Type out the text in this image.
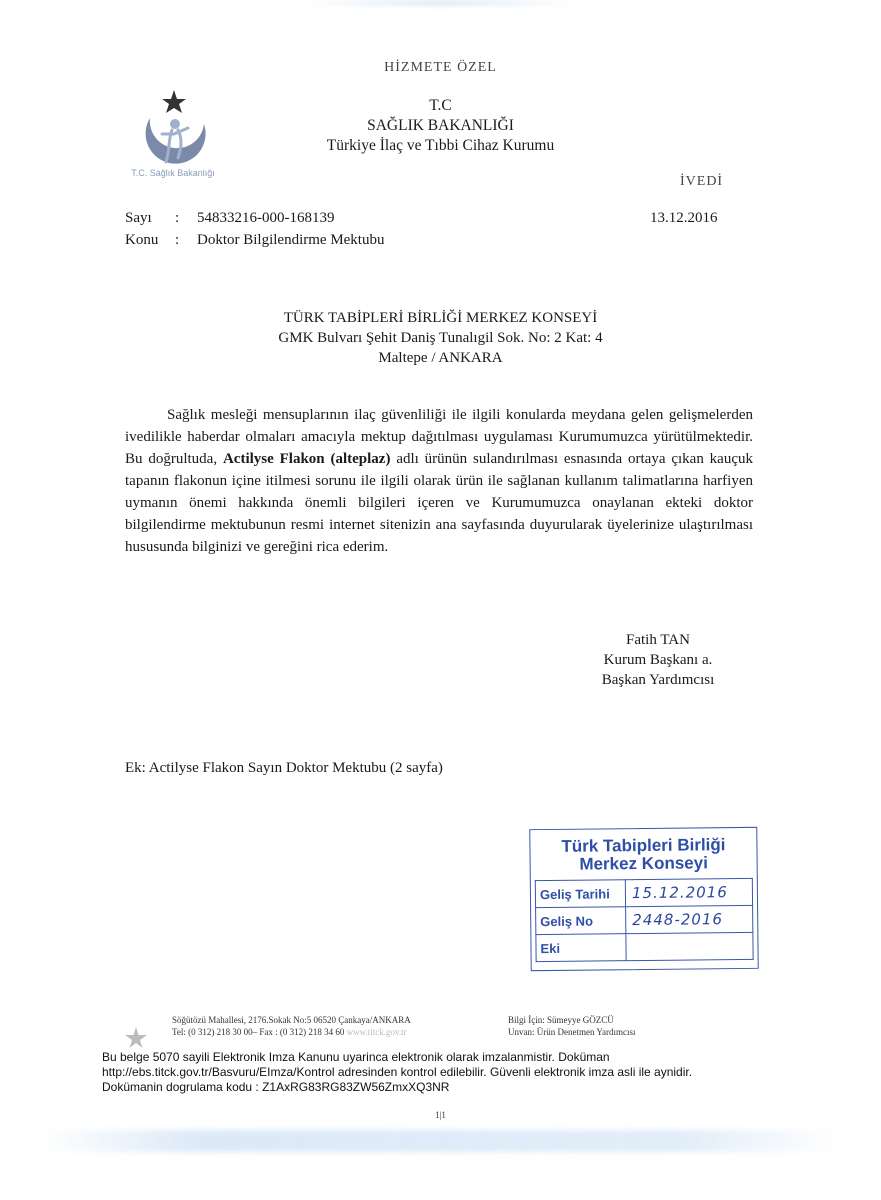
HİZMETE ÖZEL
T.C. Sağlık Bakanlığı
T.C
SAĞLIK BAKANLIĞI
Türkiye İlaç ve Tıbbi Cihaz Kurumu
İVEDİ
Sayı : 54833216-000-168139
Konu : Doktor Bilgilendirme Mektubu
13.12.2016
TÜRK TABİPLERİ BİRLİĞİ MERKEZ KONSEYİ
GMK Bulvarı Şehit Daniş Tunalıgil Sok. No: 2 Kat: 4
Maltepe / ANKARA
Sağlık mesleği mensuplarının ilaç güvenliliği ile ilgili konularda meydana gelen gelişmelerden ivedilikle haberdar olmaları amacıyla mektup dağıtılması uygulaması Kurumumuzca yürütülmektedir. Bu doğrultuda, Actilyse Flakon (alteplaz) adlı ürünün sulandırılması esnasında ortaya çıkan kauçuk tapanın flakonun içine itilmesi sorunu ile ilgili olarak ürün ile sağlanan kullanım talimatlarına harfiyen uymanın önemi hakkında önemli bilgileri içeren ve Kurumumuzca onaylanan ekteki doktor bilgilendirme mektubunun resmi internet sitenizin ana sayfasında duyurularak üyelerinize ulaştırılması hususunda bilginizi ve gereğini rica ederim.
Fatih TAN
Kurum Başkanı a.
Başkan Yardımcısı
Ek: Actilyse Flakon Sayın Doktor Mektubu (2 sayfa)
Türk Tabipleri Birliği
Merkez Konseyi
Geliş Tarihi	15.12.2016
Geliş No	2448-2016
Eki	
Söğütözü Mahallesi, 2176.Sokak No:5 06520 Çankaya/ANKARA
Tel: (0 312) 218 30 00– Fax : (0 312) 218 34 60 www.titck.gov.tr
Bilgi İçin: Sümeyye GÖZCÜ
Unvan: Ürün Denetmen Yardımcısı
Bu belge 5070 sayili Elektronik Imza Kanunu uyarinca elektronik olarak imzalanmistir. Doküman
http://ebs.titck.gov.tr/Basvuru/EImza/Kontrol adresinden kontrol edilebilir. Güvenli elektronik imza asli ile aynidir.
Dokümanin dogrulama kodu : Z1AxRG83RG83ZW56ZmxXQ3NR
1|1
